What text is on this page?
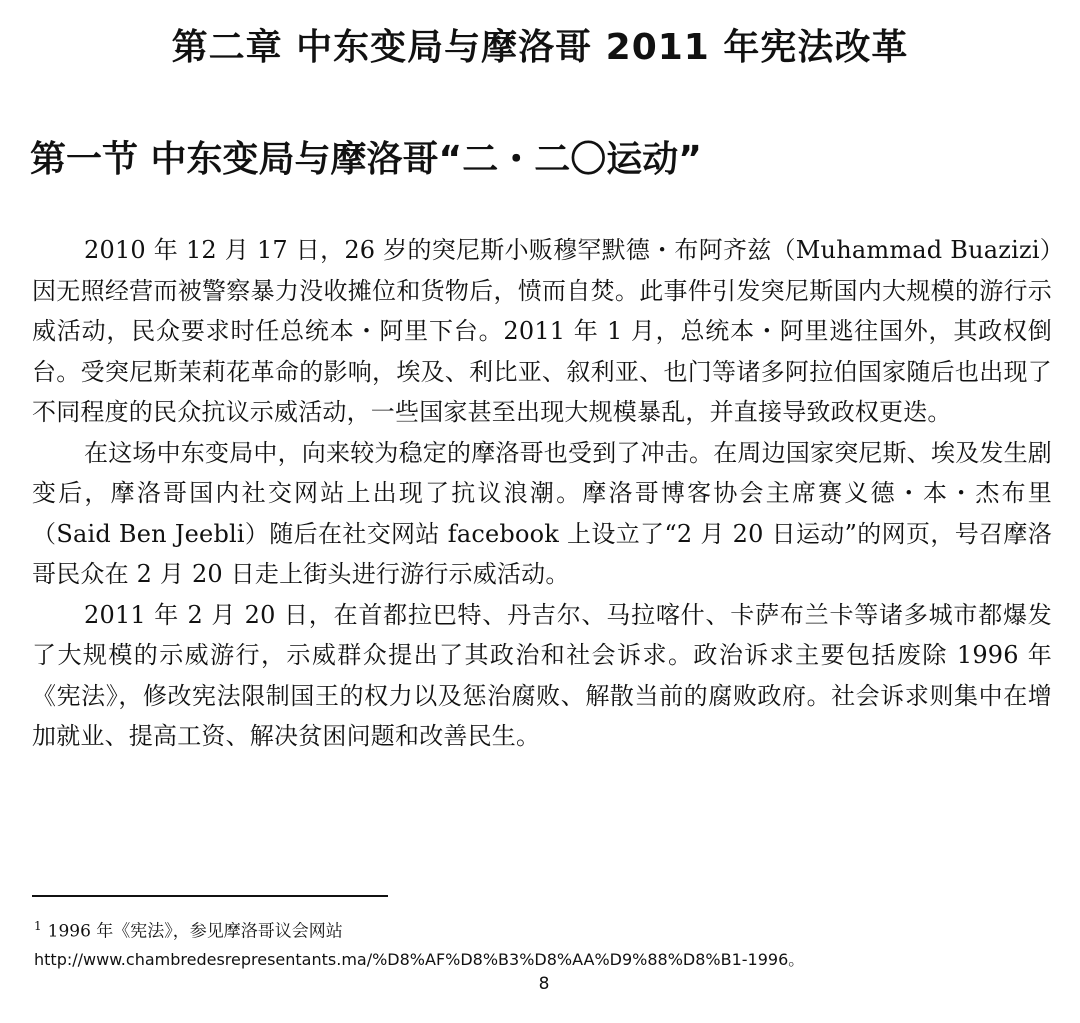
第二章 中东变局与摩洛哥 2011 年宪法改革
第一节 中东变局与摩洛哥“二・二〇运动”

2010 年 12 月 17 日，26 岁的突尼斯小贩穆罕默德・布阿齐兹（Muhammad Buazizi）因无照经营而被警察暴力没收摊位和货物后，愤而自焚。此事件引发突尼斯国内大规模的游行示威活动，民众要求时任总统本・阿里下台。2011 年 1 月，总统本・阿里逃往国外，其政权倒台。受突尼斯茉莉花革命的影响，埃及、利比亚、叙利亚、也门等诸多阿拉伯国家随后也出现了不同程度的民众抗议示威活动，一些国家甚至出现大规模暴乱，并直接导致政权更迭。

在这场中东变局中，向来较为稳定的摩洛哥也受到了冲击。在周边国家突尼斯、埃及发生剧变后，摩洛哥国内社交网站上出现了抗议浪潮。摩洛哥博客协会主席赛义德・本・杰布里（Said Ben Jeebli）随后在社交网站 facebook 上设立了“2 月 20 日运动”的网页，号召摩洛哥民众在 2 月 20 日走上街头进行游行示威活动。

2011 年 2 月 20 日，在首都拉巴特、丹吉尔、马拉喀什、卡萨布兰卡等诸多城市都爆发了大规模的示威游行，示威群众提出了其政治和社会诉求。政治诉求主要包括废除 1996 年《宪法》，修改宪法限制国王的权力以及惩治腐败、解散当前的腐败政府。社会诉求则集中在增加就业、提高工资、解决贫困问题和改善民生。

$^1$ 1996 年《宪法》，参见摩洛哥议会网站
http://www.chambredesrepresentants.ma/%D8%AF%D8%B3%D8%AA%D9%88%D8%B1-1996。
8
